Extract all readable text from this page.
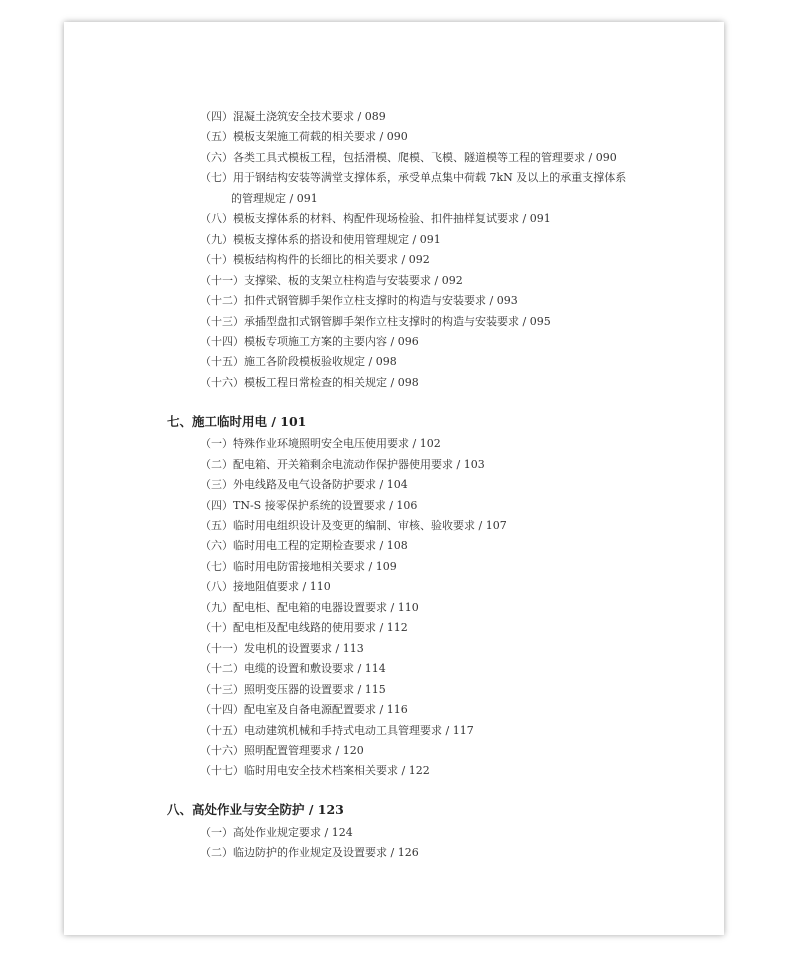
（四）混凝土浇筑安全技术要求 / 089
（五）模板支架施工荷载的相关要求 / 090
（六）各类工具式模板工程，包括滑模、爬模、飞模、隧道模等工程的管理要求 / 090
（七）用于钢结构安装等满堂支撑体系，承受单点集中荷载 7kN 及以上的承重支撑体系
的管理规定 / 091
（八）模板支撑体系的材料、构配件现场检验、扣件抽样复试要求 / 091
（九）模板支撑体系的搭设和使用管理规定 / 091
（十）模板结构构件的长细比的相关要求 / 092
（十一）支撑梁、板的支架立柱构造与安装要求 / 092
（十二）扣件式钢管脚手架作立柱支撑时的构造与安装要求 / 093
（十三）承插型盘扣式钢管脚手架作立柱支撑时的构造与安装要求 / 095
（十四）模板专项施工方案的主要内容 / 096
（十五）施工各阶段模板验收规定 / 098
（十六）模板工程日常检查的相关规定 / 098
七、施工临时用电 / 101
（一）特殊作业环境照明安全电压使用要求 / 102
（二）配电箱、开关箱剩余电流动作保护器使用要求 / 103
（三）外电线路及电气设备防护要求 / 104
（四）TN-S 接零保护系统的设置要求 / 106
（五）临时用电组织设计及变更的编制、审核、验收要求 / 107
（六）临时用电工程的定期检查要求 / 108
（七）临时用电防雷接地相关要求 / 109
（八）接地阻值要求 / 110
（九）配电柜、配电箱的电器设置要求 / 110
（十）配电柜及配电线路的使用要求 / 112
（十一）发电机的设置要求 / 113
（十二）电缆的设置和敷设要求 / 114
（十三）照明变压器的设置要求 / 115
（十四）配电室及自备电源配置要求 / 116
（十五）电动建筑机械和手持式电动工具管理要求 / 117
（十六）照明配置管理要求 / 120
（十七）临时用电安全技术档案相关要求 / 122
八、高处作业与安全防护 / 123
（一）高处作业规定要求 / 124
（二）临边防护的作业规定及设置要求 / 126
